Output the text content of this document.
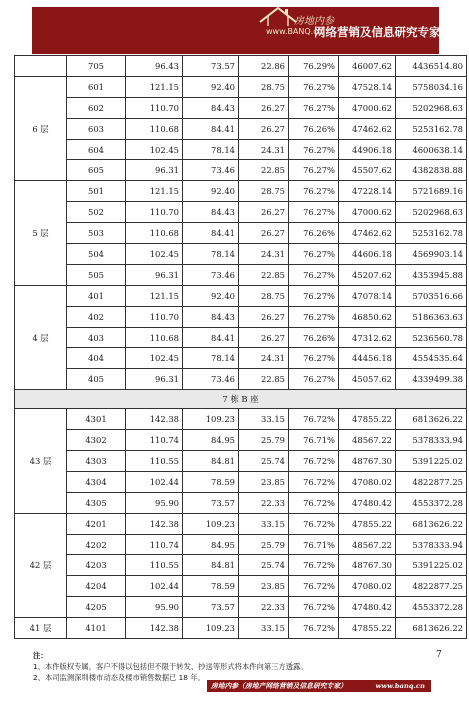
房地内参
www.BANQ.cn
网络营销及信息研究专家
	705	96.43	73.57	22.86	76.29%	46007.62	4436514.80
6 层	601	121.15	92.40	28.75	76.27%	47528.14	5758034.16
	602	110.70	84.43	26.27	76.27%	47000.62	5202968.63
	603	110.68	84.41	26.27	76.26%	47462.62	5253162.78
	604	102.45	78.14	24.31	76.27%	44906.18	4600638.14
	605	96.31	73.46	22.85	76.27%	45507.62	4382838.88
5 层	501	121.15	92.40	28.75	76.27%	47228.14	5721689.16
	502	110.70	84.43	26.27	76.27%	47000.62	5202968.63
	503	110.68	84.41	26.27	76.26%	47462.62	5253162.78
	504	102.45	78.14	24.31	76.27%	44606.18	4569903.14
	505	96.31	73.46	22.85	76.27%	45207.62	4353945.88
4 层	401	121.15	92.40	28.75	76.27%	47078.14	5703516.66
	402	110.70	84.43	26.27	76.27%	46850.62	5186363.63
	403	110.68	84.41	26.27	76.26%	47312.62	5236560.78
	404	102.45	78.14	24.31	76.27%	44456.18	4554535.64
	405	96.31	73.46	22.85	76.27%	45057.62	4339499.38
7 栋 B 座							
43 层	4301	142.38	109.23	33.15	76.72%	47855.22	6813626.22
	4302	110.74	84.95	25.79	76.71%	48567.22	5378333.94
	4303	110.55	84.81	25.74	76.72%	48767.30	5391225.02
	4304	102.44	78.59	23.85	76.72%	47080.02	4822877.25
	4305	95.90	73.57	22.33	76.72%	47480.42	4553372.28
42 层	4201	142.38	109.23	33.15	76.72%	47855.22	6813626.22
	4202	110.74	84.95	25.79	76.71%	48567.22	5378333.94
	4203	110.55	84.81	25.74	76.72%	48767.30	5391225.02
	4204	102.44	78.59	23.85	76.72%	47080.02	4822877.25
	4205	95.90	73.57	22.33	76.72%	47480.42	4553372.28
41 层	4101	142.38	109.23	33.15	76.72%	47855.22	6813626.22
注：
1、本件版权专属，客户不得以包括但不限于转发、抄送等形式将本件向第三方透露。
2、本司监测深圳楼市动态及楼市销售数据已 18 年。
7
房地内参（房地产网络营销及信息研究专家）	www.banq.cn
